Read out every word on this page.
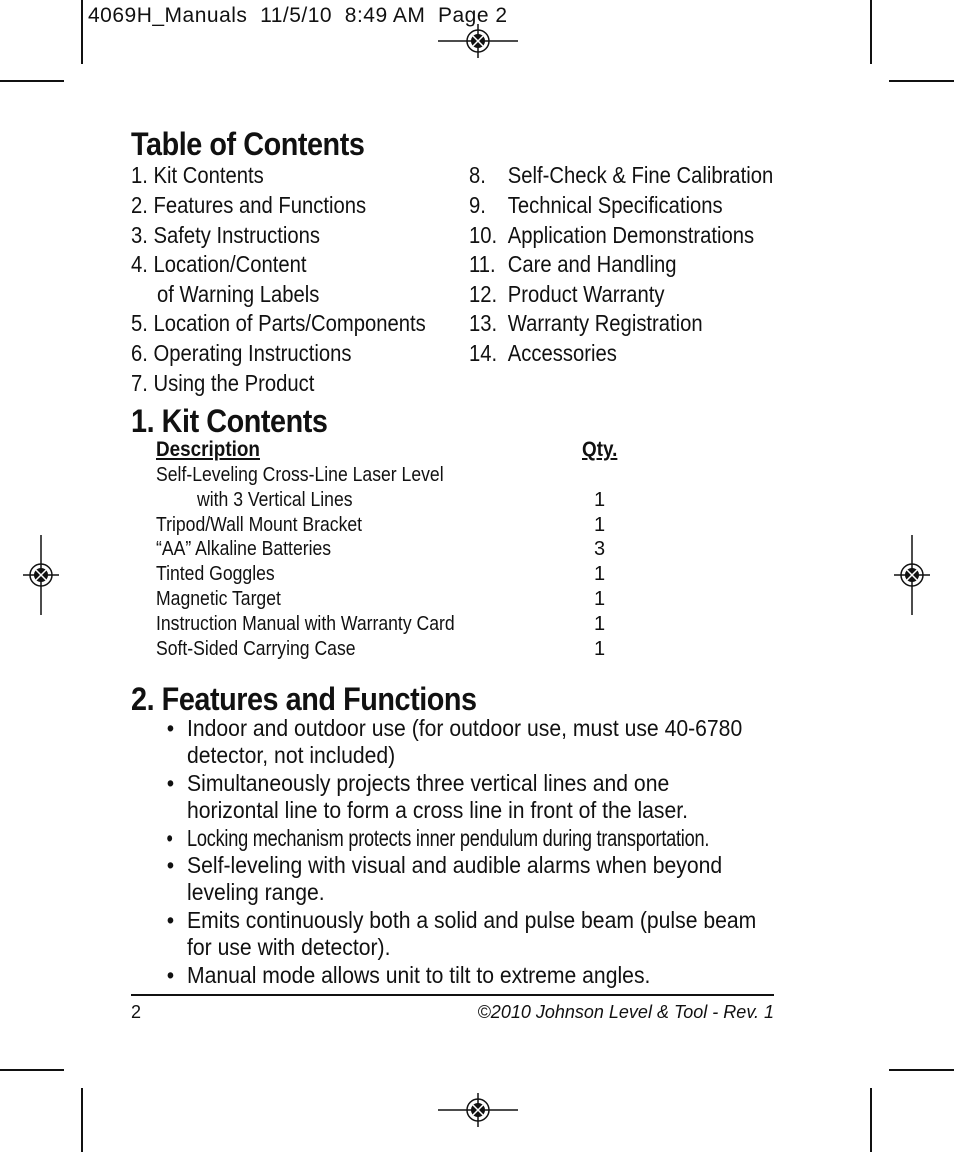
4069H_Manuals  11/5/10  8:49 AM  Page 2
Table of Contents
1. Kit Contents
2. Features and Functions
3. Safety Instructions
4. Location/Content
of Warning Labels
5. Location of Parts/Components
6. Operating Instructions
7. Using the Product
8. Self-Check & Fine Calibration
9. Technical Specifications
10. Application Demonstrations
11. Care and Handling
12. Product Warranty
13. Warranty Registration
14. Accessories
1. Kit Contents
Description	Qty.
Self-Leveling Cross-Line Laser Level
with 3 Vertical Lines	1
Tripod/Wall Mount Bracket	1
“AA” Alkaline Batteries	3
Tinted Goggles	1
Magnetic Target	1
Instruction Manual with Warranty Card	1
Soft-Sided Carrying Case	1
2. Features and Functions
• Indoor and outdoor use (for outdoor use, must use 40-6780 detector, not included)
• Simultaneously projects three vertical lines and one horizontal line to form a cross line in front of the laser.
• Locking mechanism protects inner pendulum during transportation.
• Self-leveling with visual and audible alarms when beyond leveling range.
• Emits continuously both a solid and pulse beam (pulse beam for use with detector).
• Manual mode allows unit to tilt to extreme angles.
2	©2010 Johnson Level & Tool - Rev. 1
